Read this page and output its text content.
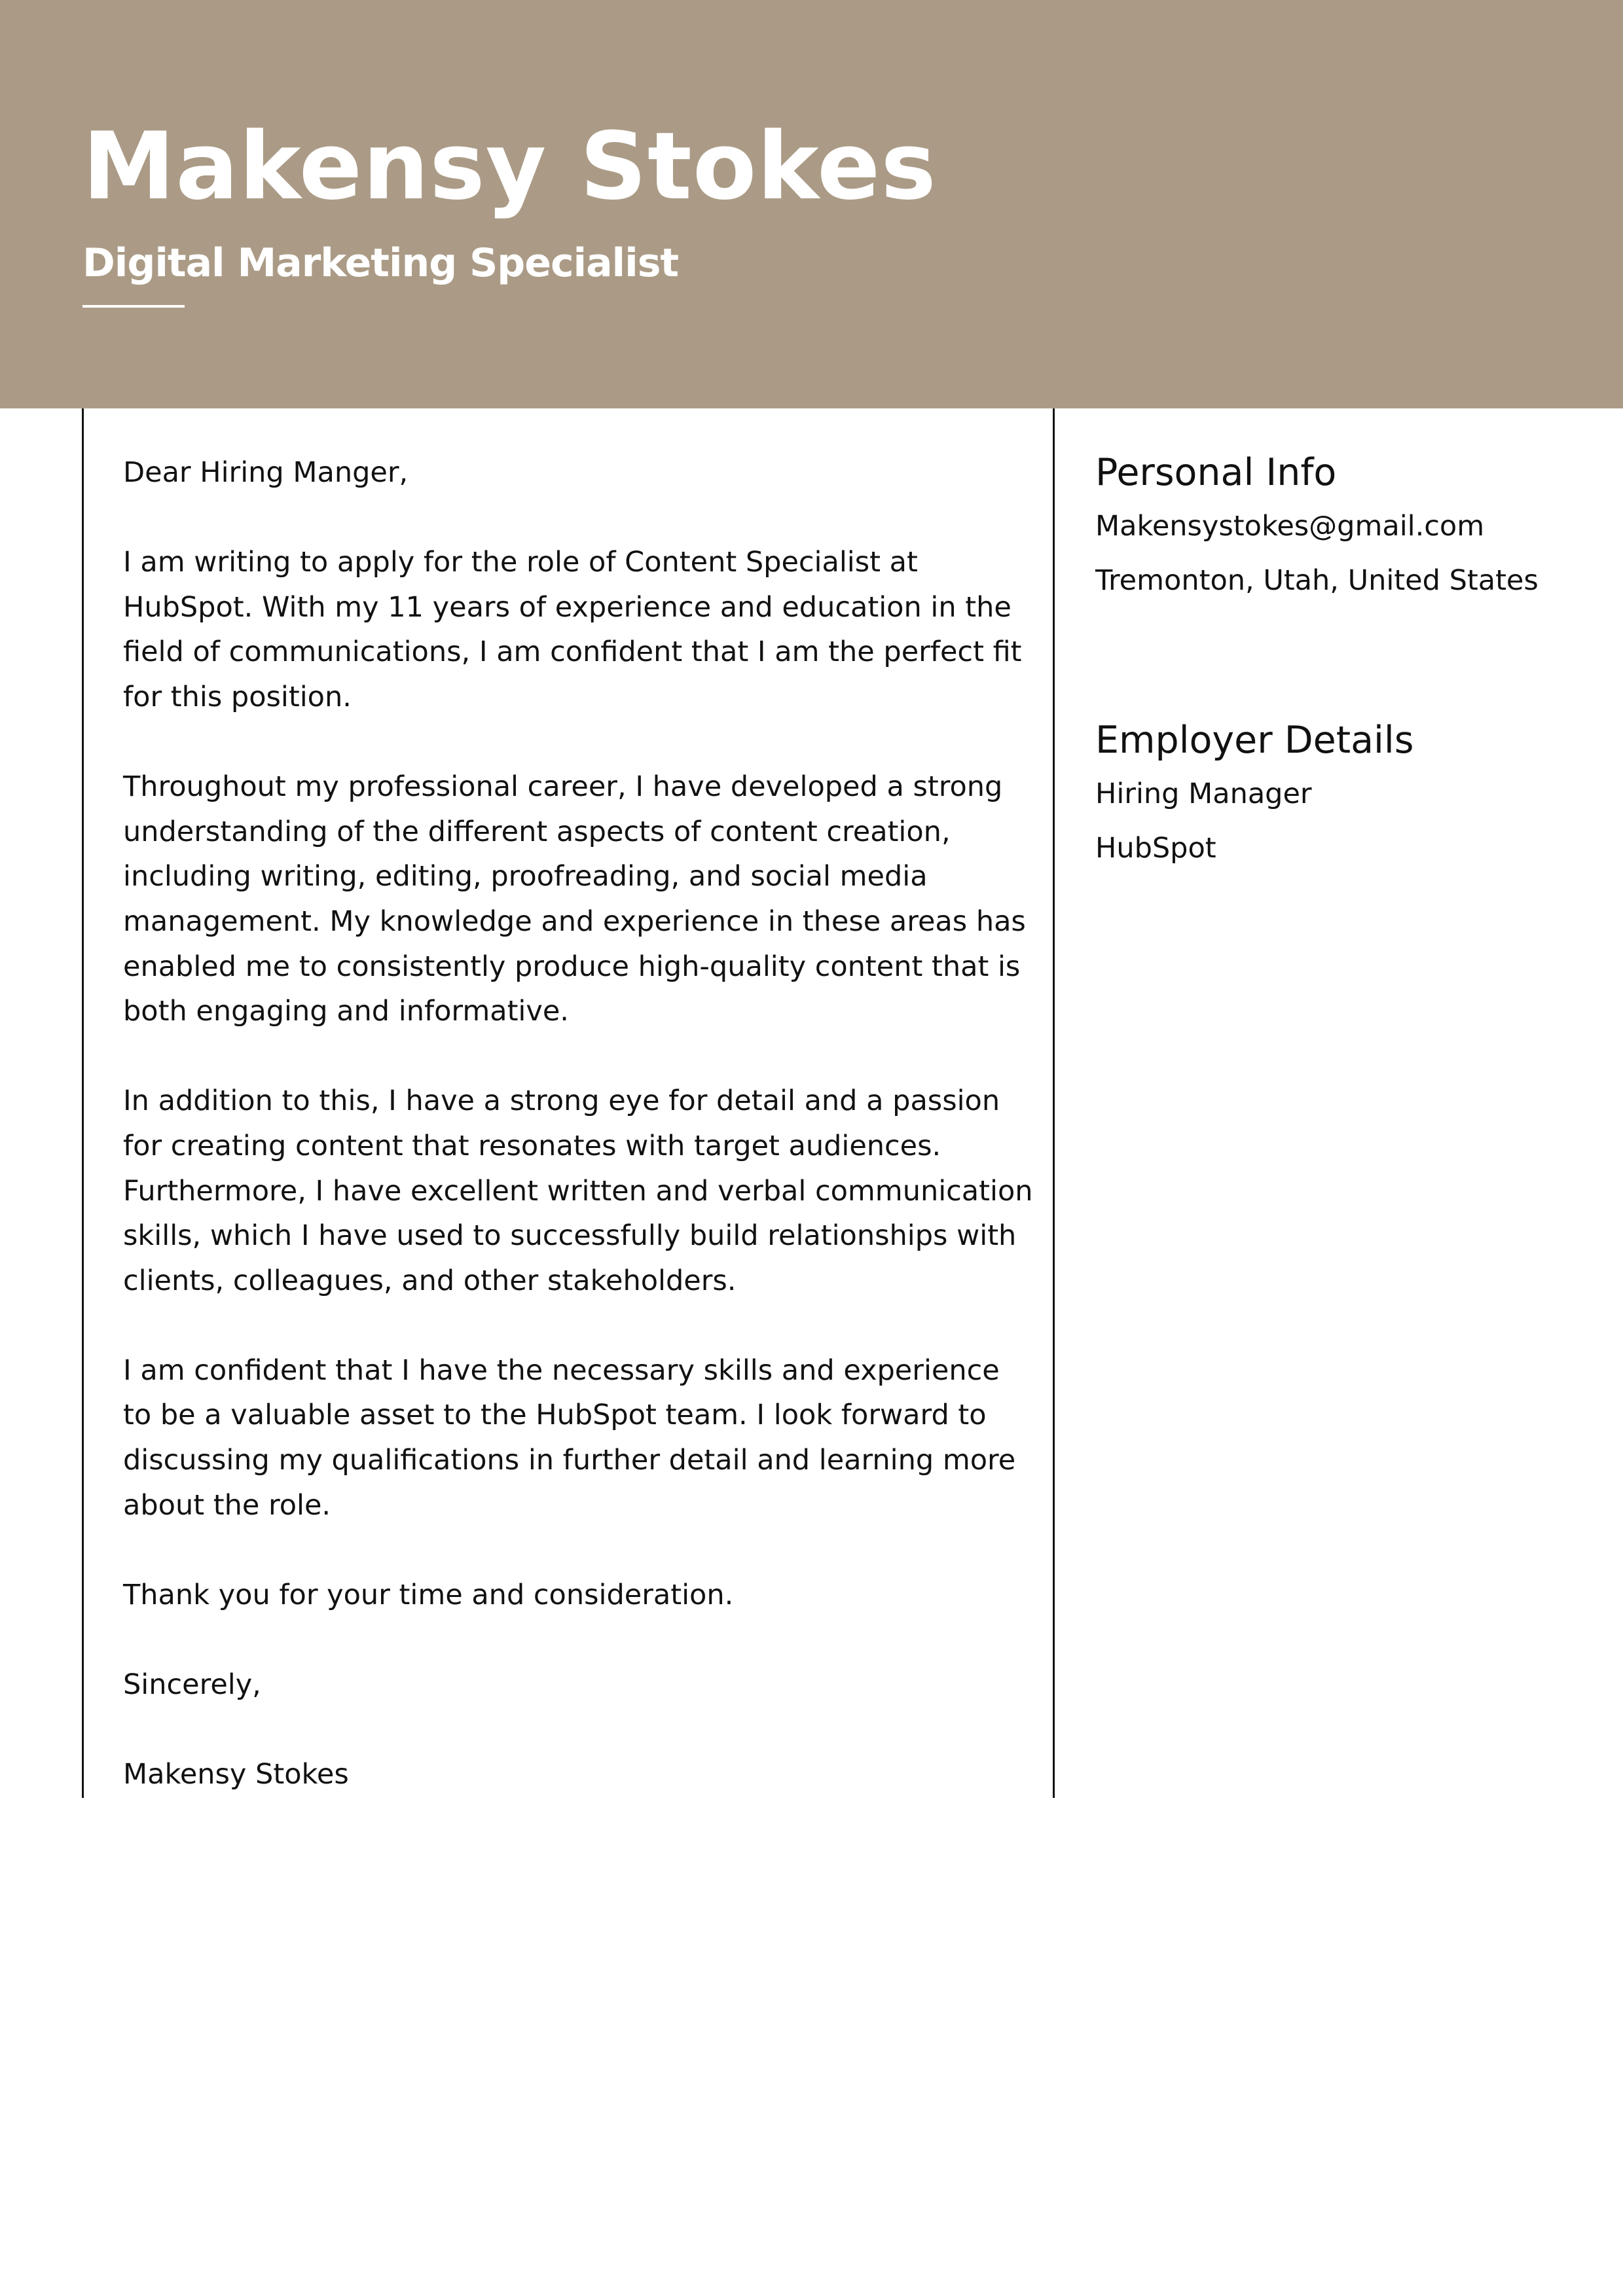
Makensy Stokes
Digital Marketing Specialist

Dear Hiring Manger,

I am writing to apply for the role of Content Specialist at HubSpot. With my 11 years of experience and education in the field of communications, I am confident that I am the perfect fit for this position.

Throughout my professional career, I have developed a strong understanding of the different aspects of content creation, including writing, editing, proofreading, and social media management. My knowledge and experience in these areas has enabled me to consistently produce high-quality content that is both engaging and informative.

In addition to this, I have a strong eye for detail and a passion for creating content that resonates with target audiences. Furthermore, I have excellent written and verbal communication skills, which I have used to successfully build relationships with clients, colleagues, and other stakeholders.

I am confident that I have the necessary skills and experience to be a valuable asset to the HubSpot team. I look forward to discussing my qualifications in further detail and learning more about the role.

Thank you for your time and consideration.

Sincerely,

Makensy Stokes

Personal Info
Makensystokes@gmail.com
Tremonton, Utah, United States
Employer Details
Hiring Manager
HubSpot
